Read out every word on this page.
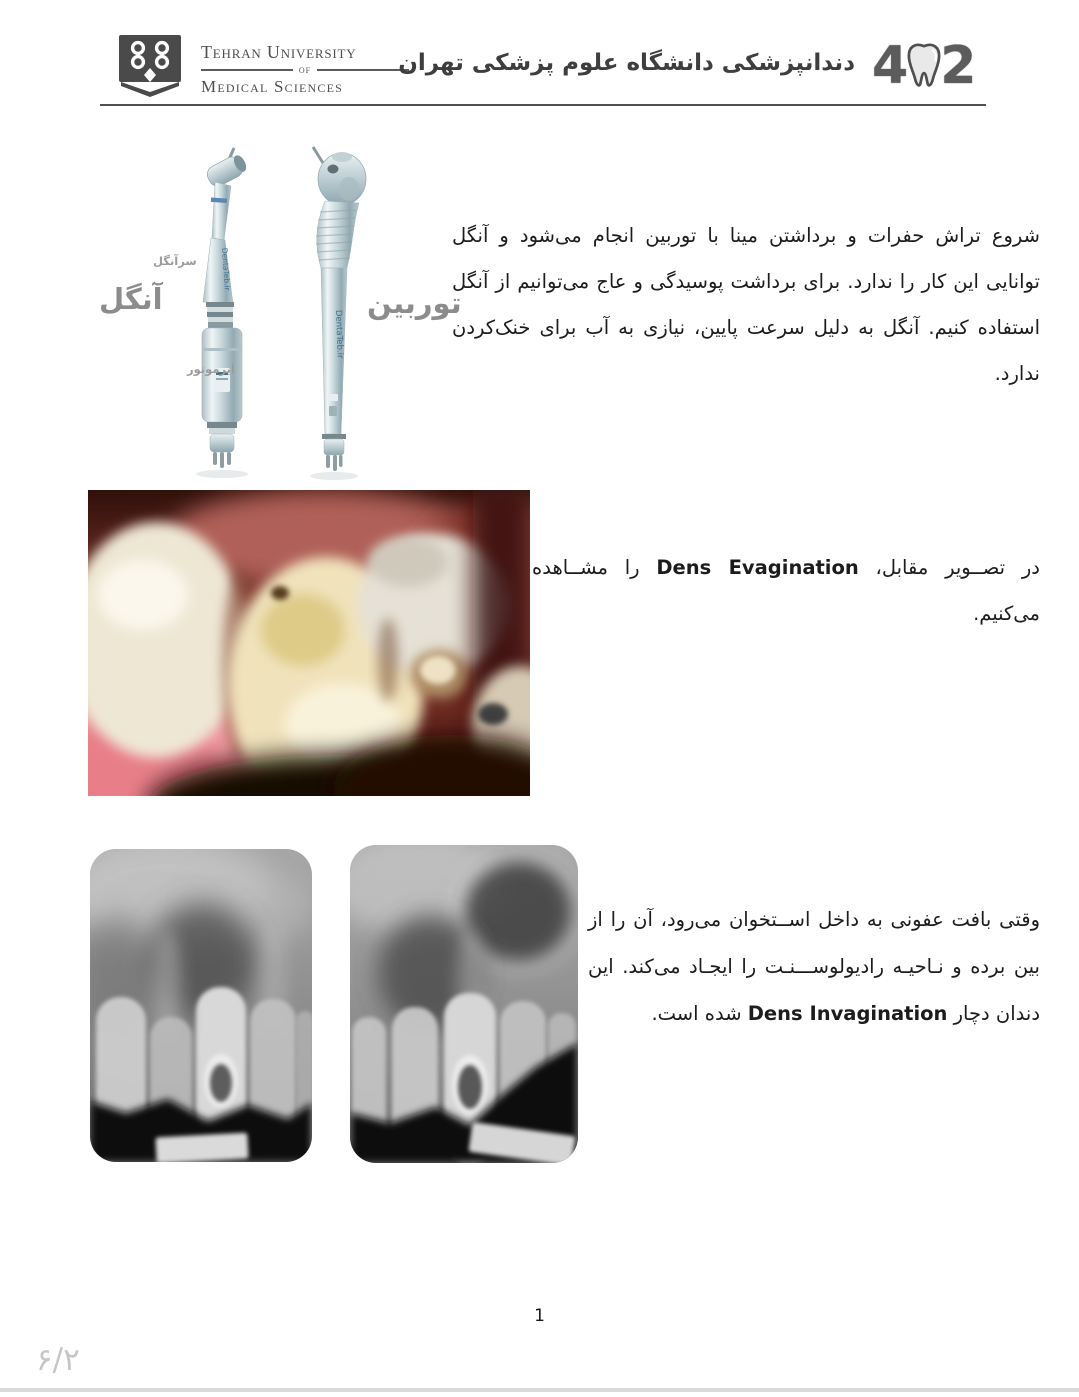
Tehran University
of
Medical Sciences
دندانپزشکی دانشگاه علوم پزشکی تهران 4 2
DentaTeb.ir
DentaTeb.ir
آنگل	توربین
سرآنگل
ایرموتور

شروع تراش حفرات و برداشتن مینا با توربین انجام می‌شود و آنگل توانایی این کار را ندارد. برای برداشت پوسیدگی و عاج می‌توانیم از آنگل استفاده کنیم. آنگل به دلیل سرعت پایین، نیازی به آب برای خنک‌کردن ندارد.

در تصــویر مقابل، Dens Evagination را مشــاهده می‌کنیم.

وقتی بافت عفونی به داخل اســتخوان می‌رود، آن را از بین برده و نـاحیـه رادیولوســـنـت را ایجـاد می‌کند. این دندان دچار Dens Invagination شده است.

1
۶/۲
